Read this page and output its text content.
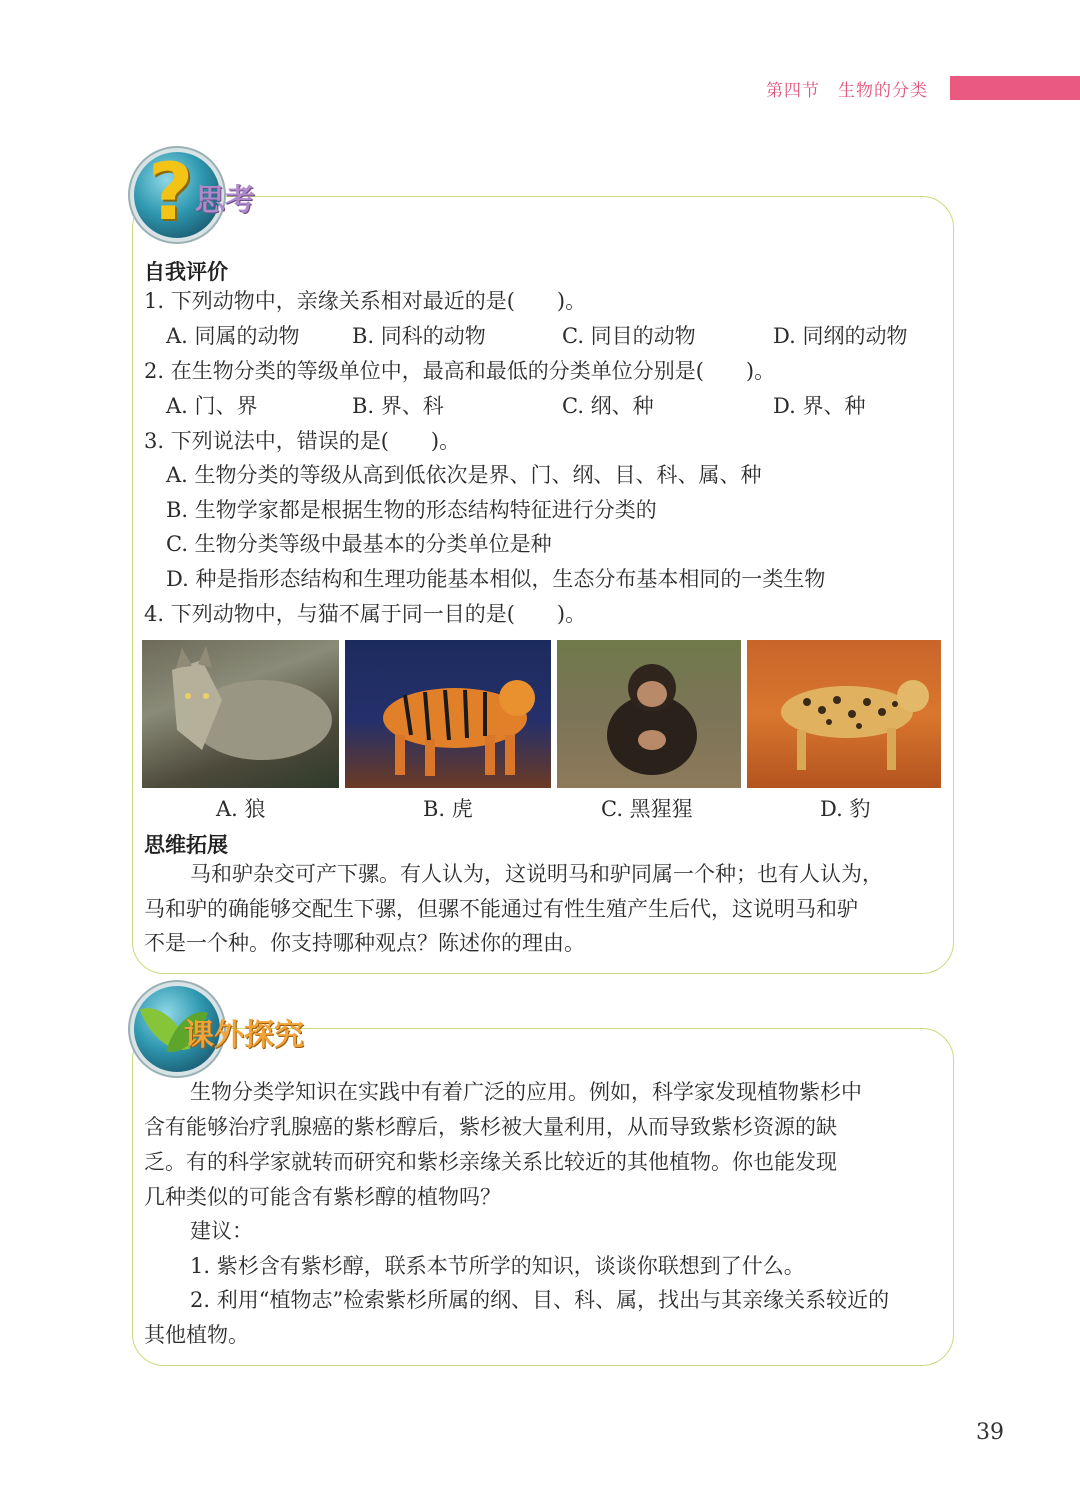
第四节 生物的分类
? 思考
自我评价
1. 下列动物中，亲缘关系相对最近的是(　　)。
A. 同属的动物 B. 同科的动物	C. 同目的动物	D. 同纲的动物
2. 在生物分类的等级单位中，最高和最低的分类单位分别是(　　)。
A. 门、界	B. 界、科	C. 纲、种	D. 界、种
3. 下列说法中，错误的是(　　)。
A. 生物分类的等级从高到低依次是界、门、纲、目、科、属、种
B. 生物学家都是根据生物的形态结构特征进行分类的
C. 生物分类等级中最基本的分类单位是种
D. 种是指形态结构和生理功能基本相似，生态分布基本相同的一类生物
4. 下列动物中，与猫不属于同一目的是(　　)。
A. 狼	B. 虎	C. 黑猩猩	D. 豹
思维拓展
马和驴杂交可产下骡。有人认为，这说明马和驴同属一个种；也有人认为，
马和驴的确能够交配生下骡，但骡不能通过有性生殖产生后代，这说明马和驴
不是一个种。你支持哪种观点？陈述你的理由。
课外探究
生物分类学知识在实践中有着广泛的应用。例如，科学家发现植物紫杉中
含有能够治疗乳腺癌的紫杉醇后，紫杉被大量利用，从而导致紫杉资源的缺
乏。有的科学家就转而研究和紫杉亲缘关系比较近的其他植物。你也能发现
几种类似的可能含有紫杉醇的植物吗？
建议：
1. 紫杉含有紫杉醇，联系本节所学的知识，谈谈你联想到了什么。
2. 利用“植物志”检索紫杉所属的纲、目、科、属，找出与其亲缘关系较近的
其他植物。
39
